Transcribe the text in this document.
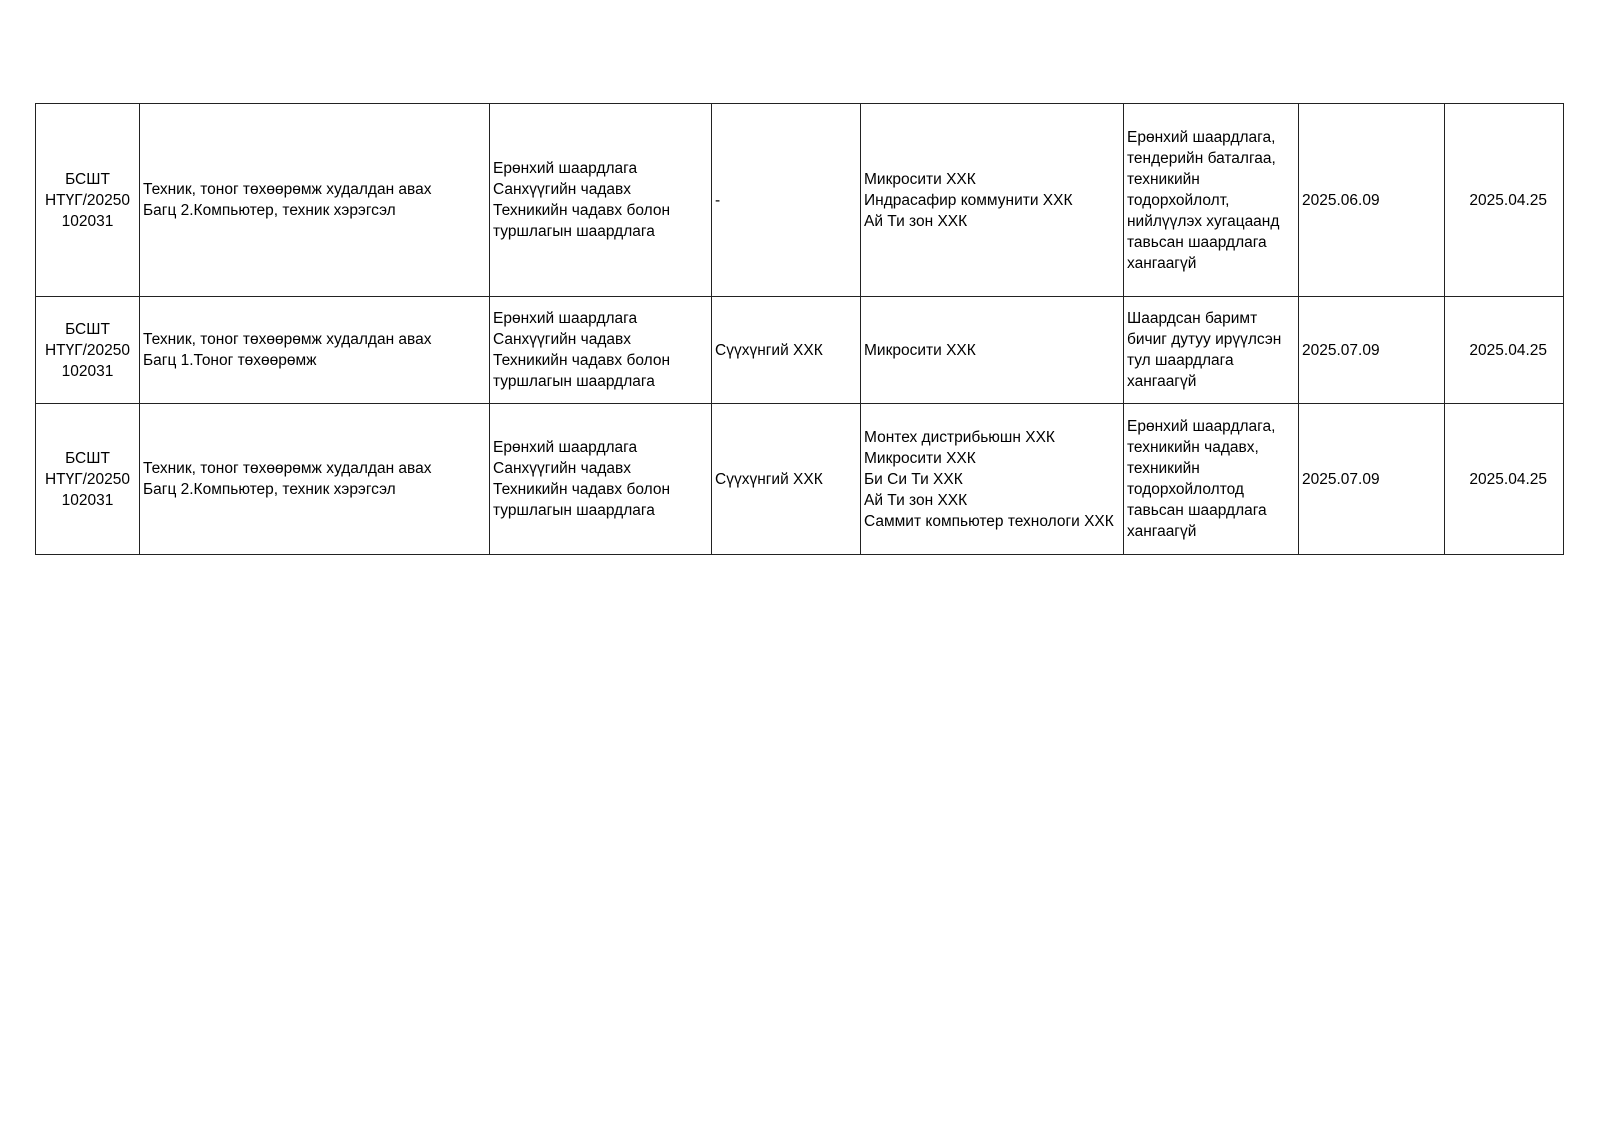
БСШТ
НТҮГ/20250
102031	Техник, тоног төхөөрөмж худалдан авах
Багц 2.Компьютер, техник хэрэгсэл	Ерөнхий шаардлага
Санхүүгийн чадавх
Техникийн чадавх болон туршлагын шаардлага	-	Микросити ХХК
Индрасафир коммунити ХХК
Ай Ти зон ХХК	Ерөнхий шаардлага, тендерийн баталгаа, техникийн тодорхойлолт, нийлүүлэх хугацаанд тавьсан шаардлага хангаагүй	2025.06.09	2025.04.25

БСШТ
НТҮГ/20250
102031	Техник, тоног төхөөрөмж худалдан авах
Багц 1.Тоног төхөөрөмж	Ерөнхий шаардлага
Санхүүгийн чадавх
Техникийн чадавх болон туршлагын шаардлага	Сүүхүнгий ХХК	Микросити ХХК	Шаардсан баримт бичиг дутуу ирүүлсэн тул шаардлага хангаагүй	2025.07.09	2025.04.25

БСШТ
НТҮГ/20250
102031	Техник, тоног төхөөрөмж худалдан авах
Багц 2.Компьютер, техник хэрэгсэл	Ерөнхий шаардлага
Санхүүгийн чадавх
Техникийн чадавх болон туршлагын шаардлага	Сүүхүнгий ХХК	Монтех дистрибьюшн ХХК
Микросити ХХК
Би Си Ти ХХК
Ай Ти зон ХХК
Саммит компьютер технологи ХХК	Ерөнхий шаардлага, техникийн чадавх, техникийн тодорхойлолтод тавьсан шаардлага хангаагүй	2025.07.09	2025.04.25
